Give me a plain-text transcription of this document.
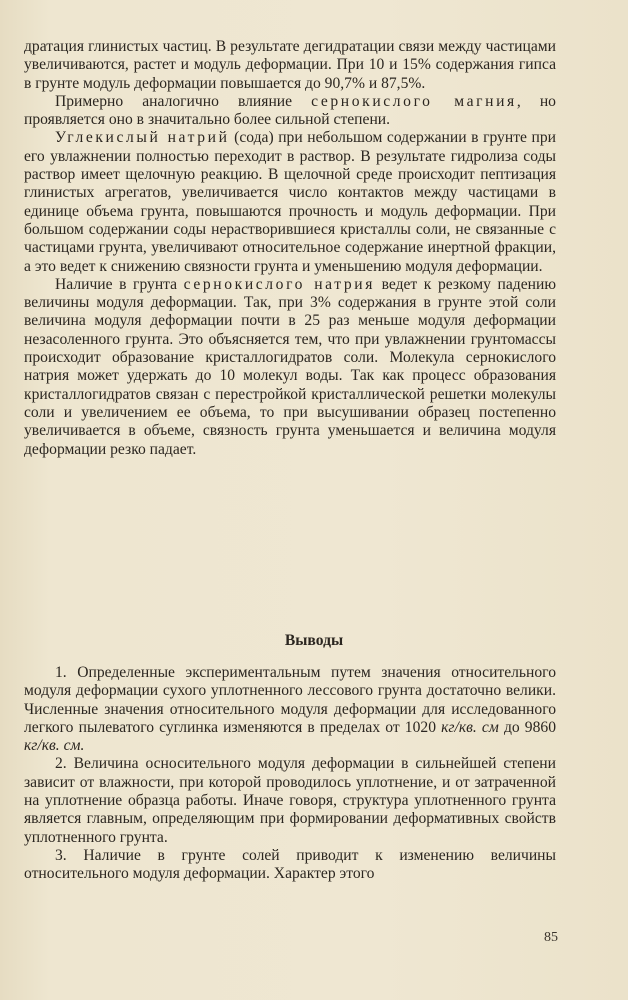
дратация глинистых частиц. В результате дегидратации связи между частицами увеличиваются, растет и модуль деформации. При 10 и 15% содержания гипса в грунте модуль деформации повышается до 90,7% и 87,5%.

Примерно аналогично влияние сернокислого магния, но проявляется оно в значитально более сильной степени.

Углекислый натрий (сода) при небольшом содержании в грунте при его увлажнении полностью переходит в раствор. В результате гидролиза соды раствор имеет щелочную реакцию. В щелочной среде происходит пептизация глинистых агрегатов, увеличивается число контактов между частицами в единице объема грунта, повышаются прочность и модуль деформации. При большом содержании соды нерастворившиеся кристаллы соли, не связанные с частицами грунта, увеличивают относительное содержание инертной фракции, а это ведет к снижению связности грунта и уменьшению модуля деформации.

Наличие в грунта сернокислого натрия ведет к резкому падению величины модуля деформации. Так, при 3% содержания в грунте этой соли величина модуля деформации почти в 25 раз меньше модуля деформации незасоленного грунта. Это объясняется тем, что при увлажнении грунтомассы происходит образование кристаллогидратов соли. Молекула сернокислого натрия может удержать до 10 молекул воды. Так как процесс образования кристаллогидратов связан с перестройкой кристаллической решетки молекулы соли и увеличением ее объема, то при высушивании образец постепенно увеличивается в объеме, связность грунта уменьшается и величина модуля деформации резко падает.

Выводы

1. Определенные экспериментальным путем значения относительного модуля деформации сухого уплотненного лессового грунта достаточно велики. Численные значения относительного модуля деформации для исследованного легкого пылеватого суглинка изменяются в пределах от 1020 кг/кв. см до 9860 кг/кв. см.

2. Величина осносительного модуля деформации в сильнейшей степени зависит от влажности, при которой проводилось уплотнение, и от затраченной на уплотнение образца работы. Иначе говоря, структура уплотненного грунта является главным, определяющим при формировании деформативных свойств уплотненного грунта.

3. Наличие в грунте солей приводит к изменению величины относительного модуля деформации. Характер этого

85
